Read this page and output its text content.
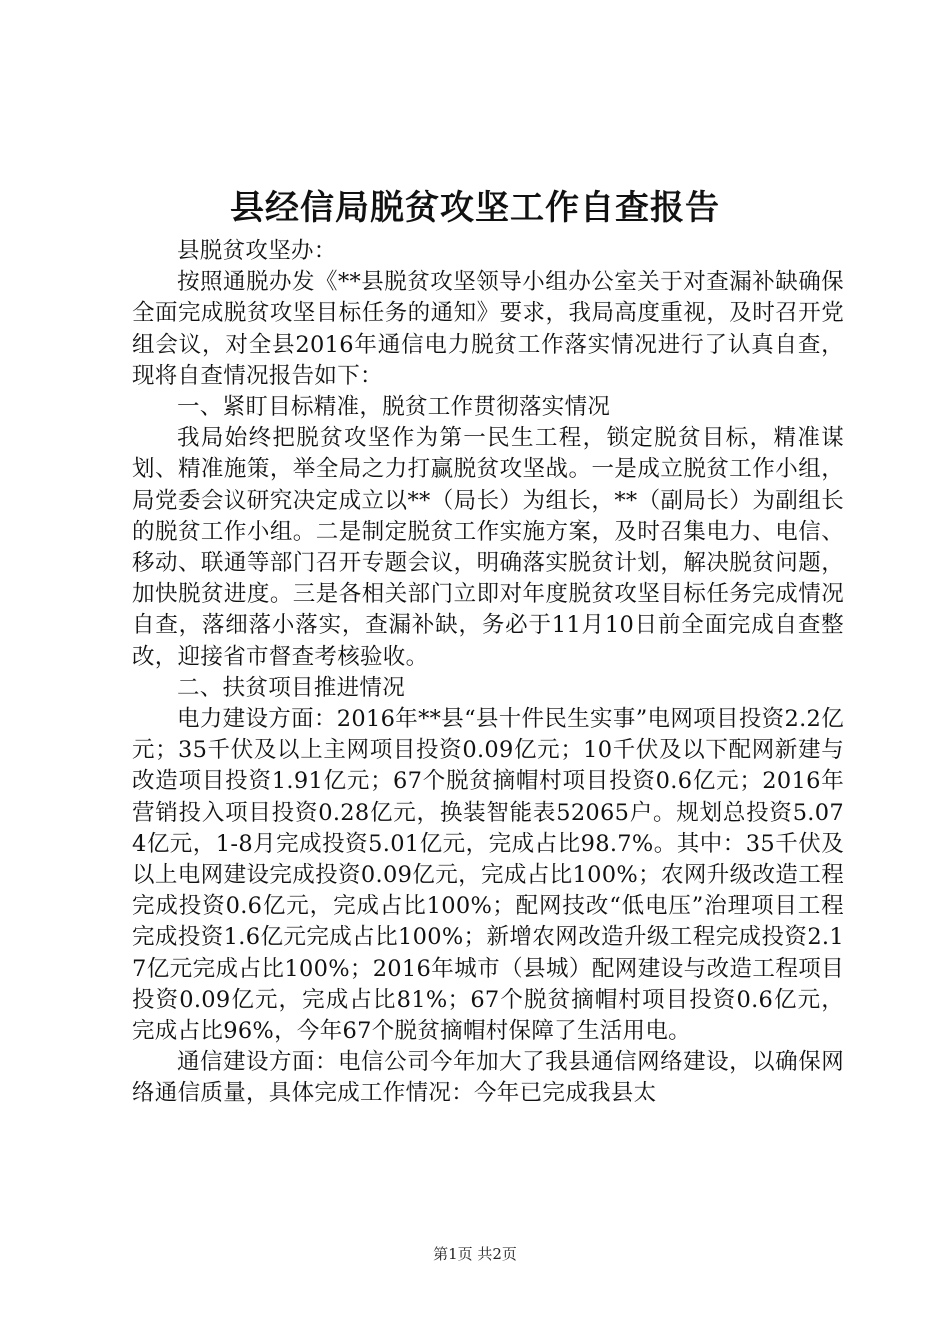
县经信局脱贫攻坚工作自查报告

县脱贫攻坚办：

按照通脱办发《**县脱贫攻坚领导小组办公室关于对查漏补缺确保全面完成脱贫攻坚目标任务的通知》要求，我局高度重视，及时召开党组会议，对全县2016年通信电力脱贫工作落实情况进行了认真自查，现将自查情况报告如下：

一、紧盯目标精准，脱贫工作贯彻落实情况

我局始终把脱贫攻坚作为第一民生工程，锁定脱贫目标，精准谋划、精准施策，举全局之力打赢脱贫攻坚战。一是成立脱贫工作小组，局党委会议研究决定成立以**（局长）为组长，**（副局长）为副组长的脱贫工作小组。二是制定脱贫工作实施方案，及时召集电力、电信、移动、联通等部门召开专题会议，明确落实脱贫计划，解决脱贫问题，加快脱贫进度。三是各相关部门立即对年度脱贫攻坚目标任务完成情况自查，落细落小落实，查漏补缺，务必于11月10日前全面完成自查整改，迎接省市督查考核验收。

二、扶贫项目推进情况

电力建设方面：2016年**县“县十件民生实事”电网项目投资2.2亿元；35千伏及以上主网项目投资0.09亿元；10千伏及以下配网新建与改造项目投资1.91亿元；67个脱贫摘帽村项目投资0.6亿元；2016年营销投入项目投资0.28亿元，换装智能表52065户。规划总投资5.074亿元，1-8月完成投资5.01亿元，完成占比98.7%。其中：35千伏及以上电网建设完成投资0.09亿元，完成占比100%；农网升级改造工程完成投资0.6亿元，完成占比100%；配网技改“低电压”治理项目工程完成投资1.6亿元完成占比100%；新增农网改造升级工程完成投资2.17亿元完成占比100%；2016年城市（县城）配网建设与改造工程项目投资0.09亿元，完成占比81%；67个脱贫摘帽村项目投资0.6亿元，完成占比96%，今年67个脱贫摘帽村保障了生活用电。

通信建设方面：电信公司今年加大了我县通信网络建设，以确保网络通信质量，具体完成工作情况：今年已完成我县太

第1页 共2页
